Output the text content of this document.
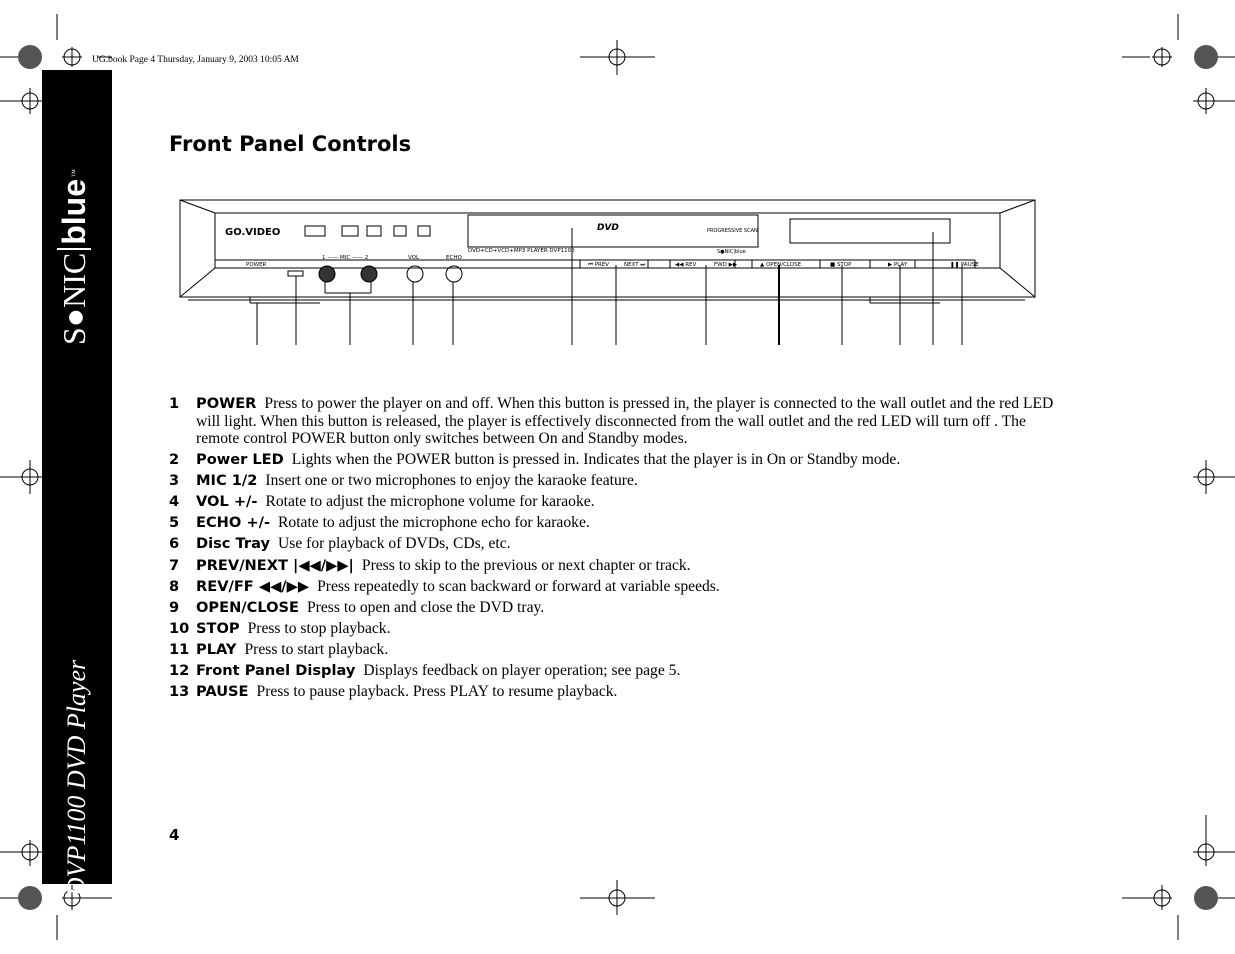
UG.book Page 4 Thursday, January 9, 2003 10:05 AM
S●NIC
blue
™
DVP1100 DVD Player
Front Panel Controls
DVD+CD+VCD+MP3 PLAYER DVP1100
POWER
1 —— MIC —— 2	VOL	ECHO
⏮ PREV	NEXT ⏭	◀◀ REV	FWD ▶▶	▲ OPEN/CLOSE	■ STOP	▶ PLAY	❚❚ PAUSE
PROGRESSIVE SCAN
S●NIC|blue
GO.VIDEO	DVD
1	POWER Press to power the player on and off. When this button is pressed in, the player is connected to the wall outlet and the red LED will light. When this button is released, the player is effectively disconnected from the wall outlet and the red LED will turn off . The remote control POWER button only switches between On and Standby modes.
2	Power LED Lights when the POWER button is pressed in. Indicates that the player is in On or Standby mode.
3	MIC 1/2 Insert one or two microphones to enjoy the karaoke feature.
4	VOL +/- Rotate to adjust the microphone volume for karaoke.
5	ECHO +/- Rotate to adjust the microphone echo for karaoke.
6	Disc Tray Use for playback of DVDs, CDs, etc.
7	PREV/NEXT |◀◀/▶▶| Press to skip to the previous or next chapter or track.
8	REV/FF ◀◀/▶▶ Press repeatedly to scan backward or forward at variable speeds.
9	OPEN/CLOSE Press to open and close the DVD tray.
10 STOP Press to stop playback.
11 PLAY Press to start playback.
12 Front Panel Display Displays feedback on player operation; see page 5.
13 PAUSE Press to pause playback. Press PLAY to resume playback.
4
